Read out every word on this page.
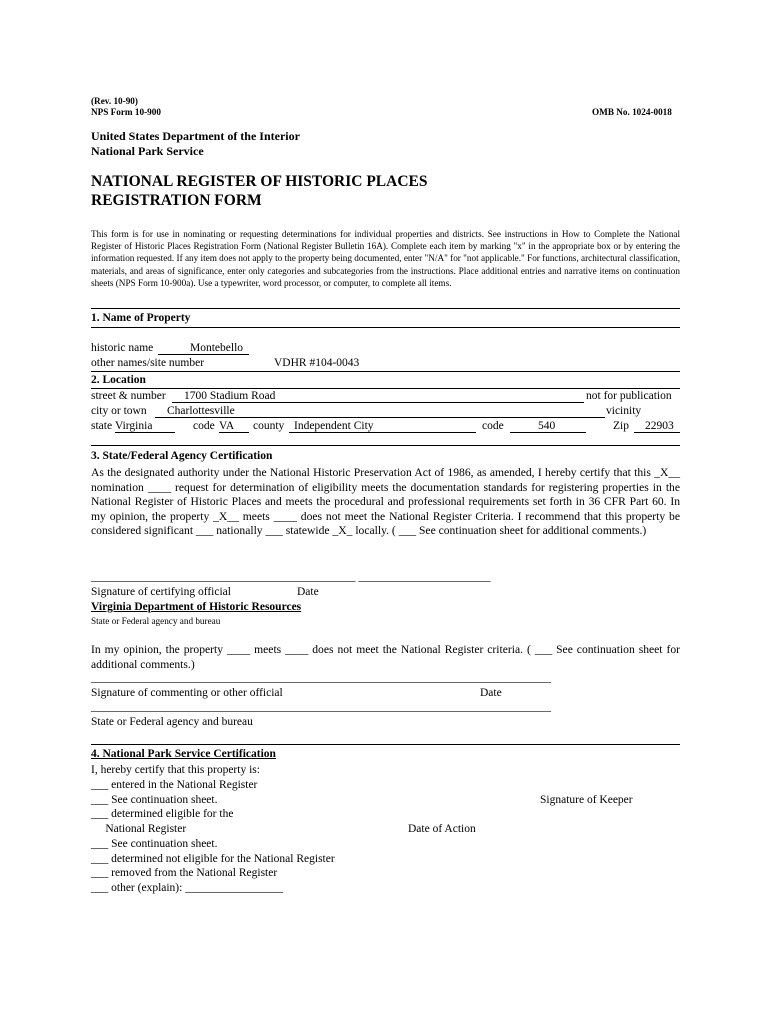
(Rev. 10-90)
NPS Form 10-900	OMB No. 1024-0018
United States Department of the Interior
National Park Service
NATIONAL REGISTER OF HISTORIC PLACES
REGISTRATION FORM
This form is for use in nominating or requesting determinations for individual properties and districts. See instructions in How to Complete the National Register of Historic Places Registration Form (National Register Bulletin 16A). Complete each item by marking "x" in the appropriate box or by entering the information requested. If any item does not apply to the property being documented, enter "N/A" for "not applicable." For functions, architectural classification, materials, and areas of significance, enter only categories and subcategories from the instructions. Place additional entries and narrative items on continuation sheets (NPS Form 10-900a). Use a typewriter, word processor, or computer, to complete all items.
1. Name of Property
historic name	Montebello
other names/site number	VDHR #104-0043
2. Location
street & number	1700 Stadium Road	not for publication
city or town	Charlottesville	vicinity
state Virginia	code VA	county Independent City	code	540	Zip	22903
3. State/Federal Agency Certification
As the designated authority under the National Historic Preservation Act of 1986, as amended, I hereby certify that this _X__ nomination ____ request for determination of eligibility meets the documentation standards for registering properties in the National Register of Historic Places and meets the procedural and professional requirements set forth in 36 CFR Part 60. In my opinion, the property _X__ meets ____ does not meet the National Register Criteria. I recommend that this property be considered significant ___ nationally ___ statewide _X_ locally. ( ___ See continuation sheet for additional comments.)
______________________________________________ _______________________
Signature of certifying official	Date
Virginia Department of Historic Resources
State or Federal agency and bureau
In my opinion, the property ____ meets ____ does not meet the National Register criteria. ( ___ See continuation sheet for additional comments.)
________________________________________________________________________________
Signature of commenting or other official	Date
________________________________________________________________________________
State or Federal agency and bureau
4. National Park Service Certification
I, hereby certify that this property is:
___ entered in the National Register
___ See continuation sheet.
___ determined eligible for the
National Register
___ See continuation sheet.
___ determined not eligible for the National Register
___ removed from the National Register
___ other (explain): _________________
Signature of Keeper
Date of Action
